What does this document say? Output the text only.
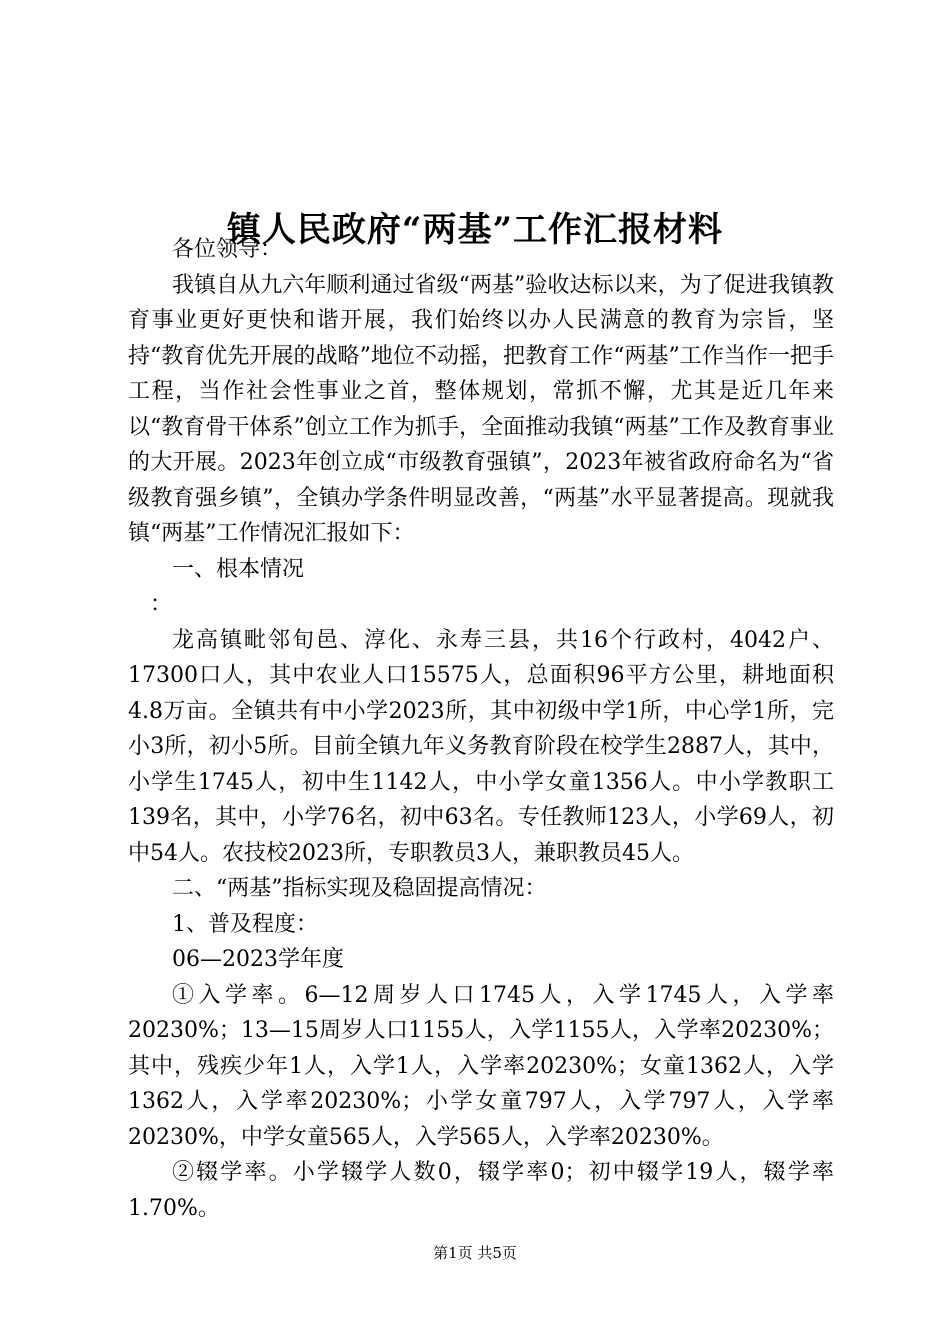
镇人民政府“两基”工作汇报材料

各位领导：

我镇自从九六年顺利通过省级“两基”验收达标以来，为了促进我镇教育事业更好更快和谐开展，我们始终以办人民满意的教育为宗旨，坚持“教育优先开展的战略”地位不动摇，把教育工作“两基”工作当作一把手工程，当作社会性事业之首，整体规划，常抓不懈，尤其是近几年来以“教育骨干体系”创立工作为抓手，全面推动我镇“两基”工作及教育事业的大开展。2023年创立成“市级教育强镇”，2023年被省政府命名为“省级教育强乡镇”，全镇办学条件明显改善，“两基”水平显著提高。现就我镇“两基”工作情况汇报如下：

一、根本情况

：

龙高镇毗邻旬邑、淳化、永寿三县，共16个行政村，4042户、17300口人，其中农业人口15575人，总面积96平方公里，耕地面积4.8万亩。全镇共有中小学2023所，其中初级中学1所，中心学1所，完小3所，初小5所。目前全镇九年义务教育阶段在校学生2887人，其中，小学生1745人，初中生1142人，中小学女童1356人。中小学教职工139名，其中，小学76名，初中63名。专任教师123人，小学69人，初中54人。农技校2023所，专职教员3人，兼职教员45人。

二、“两基”指标实现及稳固提高情况：

1、普及程度：

06—2023学年度

①入学率。6—12周岁人口1745人，入学1745人，入学率20230%；13—15周岁人口1155人，入学1155人，入学率20230%；其中，残疾少年1人，入学1人，入学率20230%；女童1362人，入学1362人，入学率20230%；小学女童797人，入学797人，入学率20230%，中学女童565人，入学565人，入学率20230%。

②辍学率。小学辍学人数0，辍学率0；初中辍学19人，辍学率1.70%。

第1页 共5页
